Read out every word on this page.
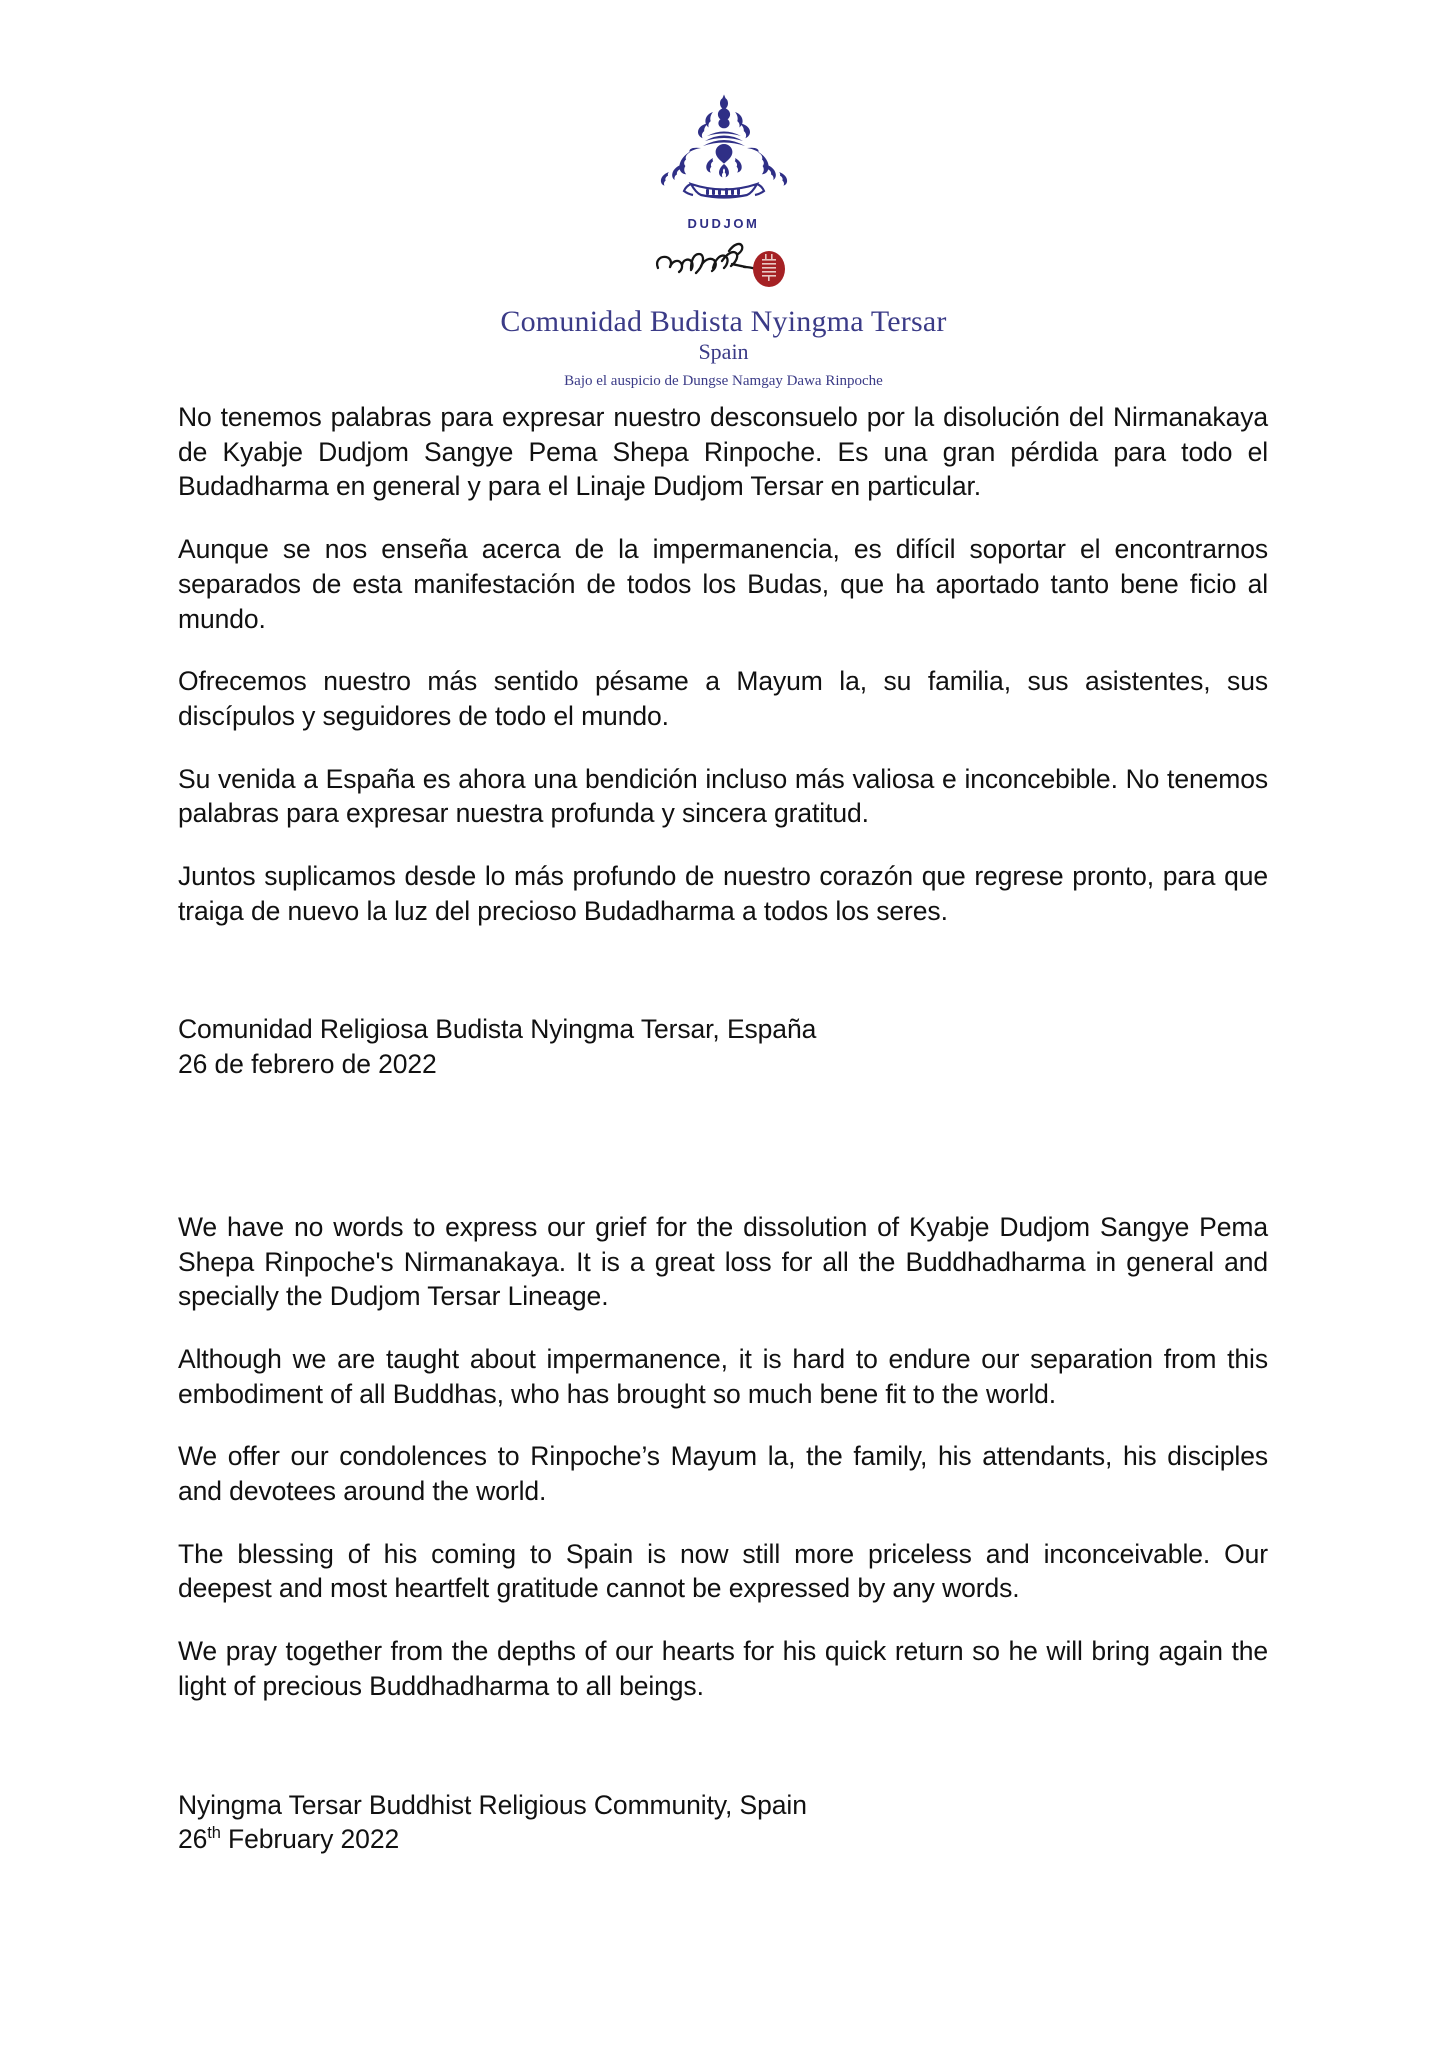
DUDJOM
Comunidad Budista Nyingma Tersar
Spain
Bajo el auspicio de Dungse Namgay Dawa Rinpoche

No tenemos palabras para expresar nuestro desconsuelo por la disolución del Nirmanakaya de Kyabje Dudjom Sangye Pema Shepa Rinpoche. Es una gran pérdida para todo el Budadharma en general y para el Linaje Dudjom Tersar en particular.

Aunque se nos enseña acerca de la impermanencia, es difícil soportar el encontrarnos separados de esta manifestación de todos los Budas, que ha aportado tanto bene ficio al mundo.

Ofrecemos nuestro más sentido pésame a Mayum la, su familia, sus asistentes, sus discípulos y seguidores de todo el mundo.

Su venida a España es ahora una bendición incluso más valiosa e inconcebible. No tenemos palabras para expresar nuestra profunda y sincera gratitud.

Juntos suplicamos desde lo más profundo de nuestro corazón que regrese pronto, para que traiga de nuevo la luz del precioso Budadharma a todos los seres.

Comunidad Religiosa Budista Nyingma Tersar, España

26 de febrero de 2022

We have no words to express our grief for the dissolution of Kyabje Dudjom Sangye Pema Shepa Rinpoche's Nirmanakaya. It is a great loss for all the Buddhadharma in general and specially the Dudjom Tersar Lineage.

Although we are taught about impermanence, it is hard to endure our separation from this embodiment of all Buddhas, who has brought so much bene fit to the world.

We offer our condolences to Rinpoche’s Mayum la, the family, his attendants, his disciples and devotees around the world.

The blessing of his coming to Spain is now still more priceless and inconceivable. Our deepest and most heartfelt gratitude cannot be expressed by any words.

We pray together from the depths of our hearts for his quick return so he will bring again the light of precious Buddhadharma to all beings.

Nyingma Tersar Buddhist Religious Community, Spain

26th February 2022
